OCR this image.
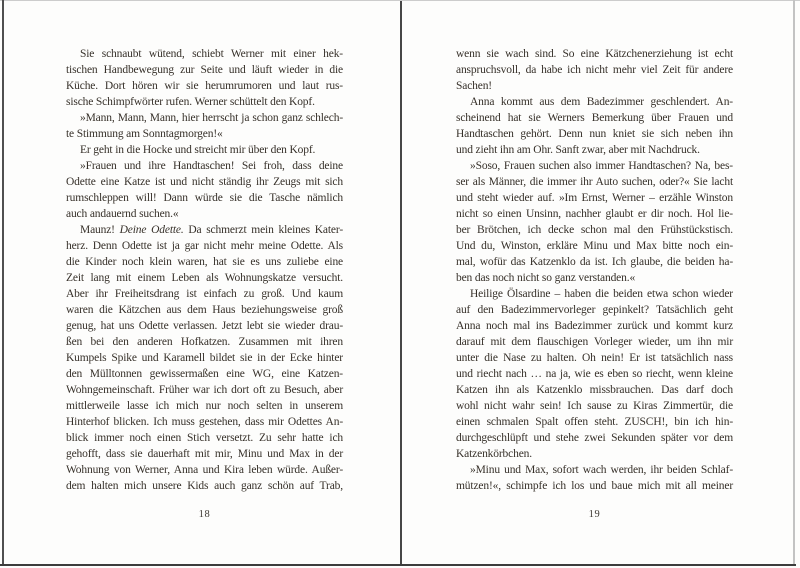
Sie schnaubt wütend, schiebt Werner mit einer hek-
tischen Handbewegung zur Seite und läuft wieder in die
Küche. Dort hören wir sie herumrumoren und laut rus-
sische Schimpfwörter rufen. Werner schüttelt den Kopf.
»Mann, Mann, Mann, hier herrscht ja schon ganz schlech-
te Stimmung am Sonntagmorgen!«
Er geht in die Hocke und streicht mir über den Kopf.
»Frauen und ihre Handtaschen! Sei froh, dass deine
Odette eine Katze ist und nicht ständig ihr Zeugs mit sich
rumschleppen will! Dann würde sie die Tasche nämlich
auch andauernd suchen.«
Maunz! Deine Odette. Da schmerzt mein kleines Kater-
herz. Denn Odette ist ja gar nicht mehr meine Odette. Als
die Kinder noch klein waren, hat sie es uns zuliebe eine
Zeit lang mit einem Leben als Wohnungskatze versucht.
Aber ihr Freiheitsdrang ist einfach zu groß. Und kaum
waren die Kätzchen aus dem Haus beziehungsweise groß
genug, hat uns Odette verlassen. Jetzt lebt sie wieder drau-
ßen bei den anderen Hofkatzen. Zusammen mit ihren
Kumpels Spike und Karamell bildet sie in der Ecke hinter
den Mülltonnen gewissermaßen eine WG, eine Katzen-
Wohngemeinschaft. Früher war ich dort oft zu Besuch, aber
mittlerweile lasse ich mich nur noch selten in unserem
Hinterhof blicken. Ich muss gestehen, dass mir Odettes An-
blick immer noch einen Stich versetzt. Zu sehr hatte ich
gehofft, dass sie dauerhaft mit mir, Minu und Max in der
Wohnung von Werner, Anna und Kira leben würde. Außer-
dem halten mich unsere Kids auch ganz schön auf Trab,
wenn sie wach sind. So eine Kätzchenerziehung ist echt
anspruchsvoll, da habe ich nicht mehr viel Zeit für andere
Sachen!
Anna kommt aus dem Badezimmer geschlendert. An-
scheinend hat sie Werners Bemerkung über Frauen und
Handtaschen gehört. Denn nun kniet sie sich neben ihn
und zieht ihn am Ohr. Sanft zwar, aber mit Nachdruck.
»Soso, Frauen suchen also immer Handtaschen? Na, bes-
ser als Männer, die immer ihr Auto suchen, oder?« Sie lacht
und steht wieder auf. »Im Ernst, Werner – erzähle Winston
nicht so einen Unsinn, nachher glaubt er dir noch. Hol lie-
ber Brötchen, ich decke schon mal den Frühstückstisch.
Und du, Winston, erkläre Minu und Max bitte noch ein-
mal, wofür das Katzenklo da ist. Ich glaube, die beiden ha-
ben das noch nicht so ganz verstanden.«
Heilige Ölsardine – haben die beiden etwa schon wieder
auf den Badezimmervorleger gepinkelt? Tatsächlich geht
Anna noch mal ins Badezimmer zurück und kommt kurz
darauf mit dem flauschigen Vorleger wieder, um ihn mir
unter die Nase zu halten. Oh nein! Er ist tatsächlich nass
und riecht nach … na ja, wie es eben so riecht, wenn kleine
Katzen ihn als Katzenklo missbrauchen. Das darf doch
wohl nicht wahr sein! Ich sause zu Kiras Zimmertür, die
einen schmalen Spalt offen steht. ZUSCH!, bin ich hin-
durchgeschlüpft und stehe zwei Sekunden später vor dem
Katzenkörbchen.
»Minu und Max, sofort wach werden, ihr beiden Schlaf-
mützen!«, schimpfe ich los und baue mich mit all meiner
18	19
